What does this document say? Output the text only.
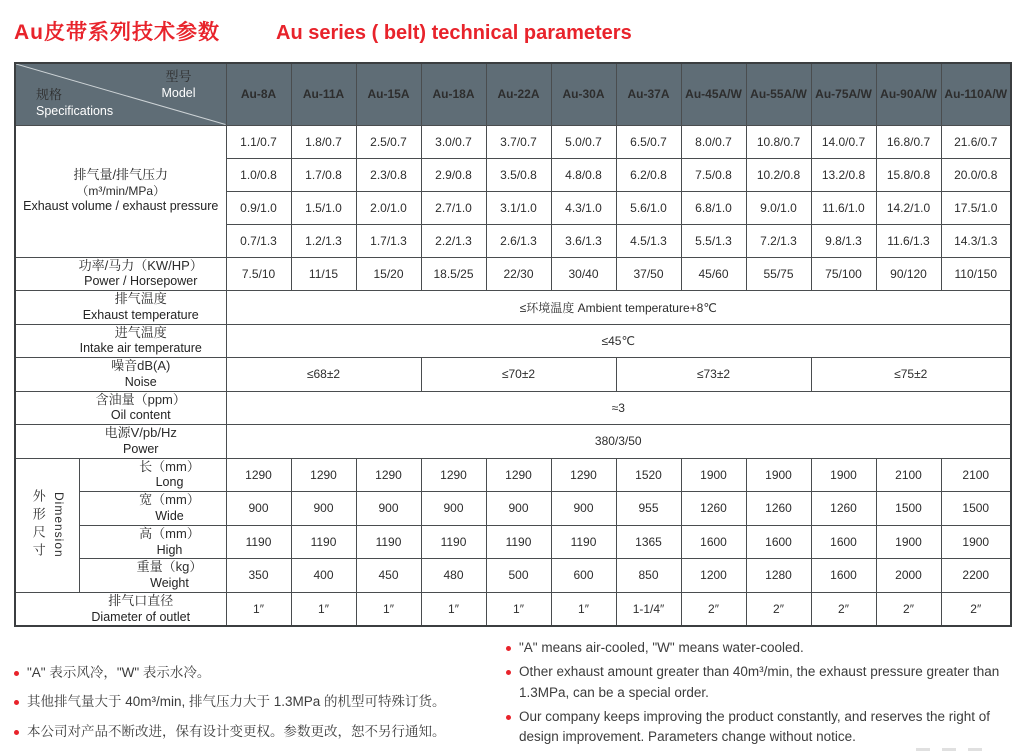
Au皮带系列技术参数	Au series ( belt) technical parameters
型号
Model
规格
Specifications		Au-8A	Au-11A	Au-15A	Au-18A	Au-22A	Au-30A	Au-37A	Au-45A/W	Au-55A/W	Au-75A/W	Au-90A/W	Au-110A/W

排气量/排气压力
（m³/min/MPa）
Exhaust volume / exhaust pressure		1.1/0.7	1.8/0.7	2.5/0.7	3.0/0.7	3.7/0.7	5.0/0.7	6.5/0.7	8.0/0.7	10.8/0.7	14.0/0.7	16.8/0.7	21.6/0.7
		1.0/0.8	1.7/0.8	2.3/0.8	2.9/0.8	3.5/0.8	4.8/0.8	6.2/0.8	7.5/0.8	10.2/0.8	13.2/0.8	15.8/0.8	20.0/0.8
		0.9/1.0	1.5/1.0	2.0/1.0	2.7/1.0	3.1/1.0	4.3/1.0	5.6/1.0	6.8/1.0	9.0/1.0	11.6/1.0	14.2/1.0	17.5/1.0
		0.7/1.3	1.2/1.3	1.7/1.3	2.2/1.3	2.6/1.3	3.6/1.3	4.5/1.3	5.5/1.3	7.2/1.3	9.8/1.3	11.6/1.3	14.3/1.3

功率/马力（KW/HP）
Power / Horsepower		7.5/10	11/15	15/20	18.5/25	22/30	30/40	37/50	45/60	55/75	75/100	90/120	110/150

排气温度
Exhaust temperature		≤环境温度 Ambient temperature+8℃											

进气温度
Intake air temperature		≤45℃											

噪音dB(A)
Noise		≤68±2			≤70±2			≤73±2			≤75±2		

含油量（ppm）
Oil content		≈3											

电源V/pb/Hz
Power		380/3/50											

外形尺寸 Dimension	长（mm）
Long	1290	1290	1290	1290	1290	1290	1520	1900	1900	1900	2100	2100

	宽（mm）
Wide	900	900	900	900	900	900	955	1260	1260	1260	1500	1500

	高（mm）
High	1190	1190	1190	1190	1190	1190	1365	1600	1600	1600	1900	1900

	重量（kg）
Weight	350	400	450	480	500	600	850	1200	1280	1600	2000	2200

排气口直径
Diameter of outlet		1″	1″	1″	1″	1″	1″	1-1/4″	2″	2″	2″	2″	2″
"A" 表示风冷，"W" 表示水冷。
其他排气量大于 40m³/min, 排气压力大于 1.3MPa 的机型可特殊订货。
本公司对产品不断改进，保有设计变更权。参数更改，恕不另行通知。
"A" means air-cooled, "W" means water-cooled.
Other exhaust amount greater than 40m³/min, the exhaust pressure greater than 1.3MPa, can be a special order.
Our company keeps improving the product constantly, and reserves the right of design improvement. Parameters change without notice.
